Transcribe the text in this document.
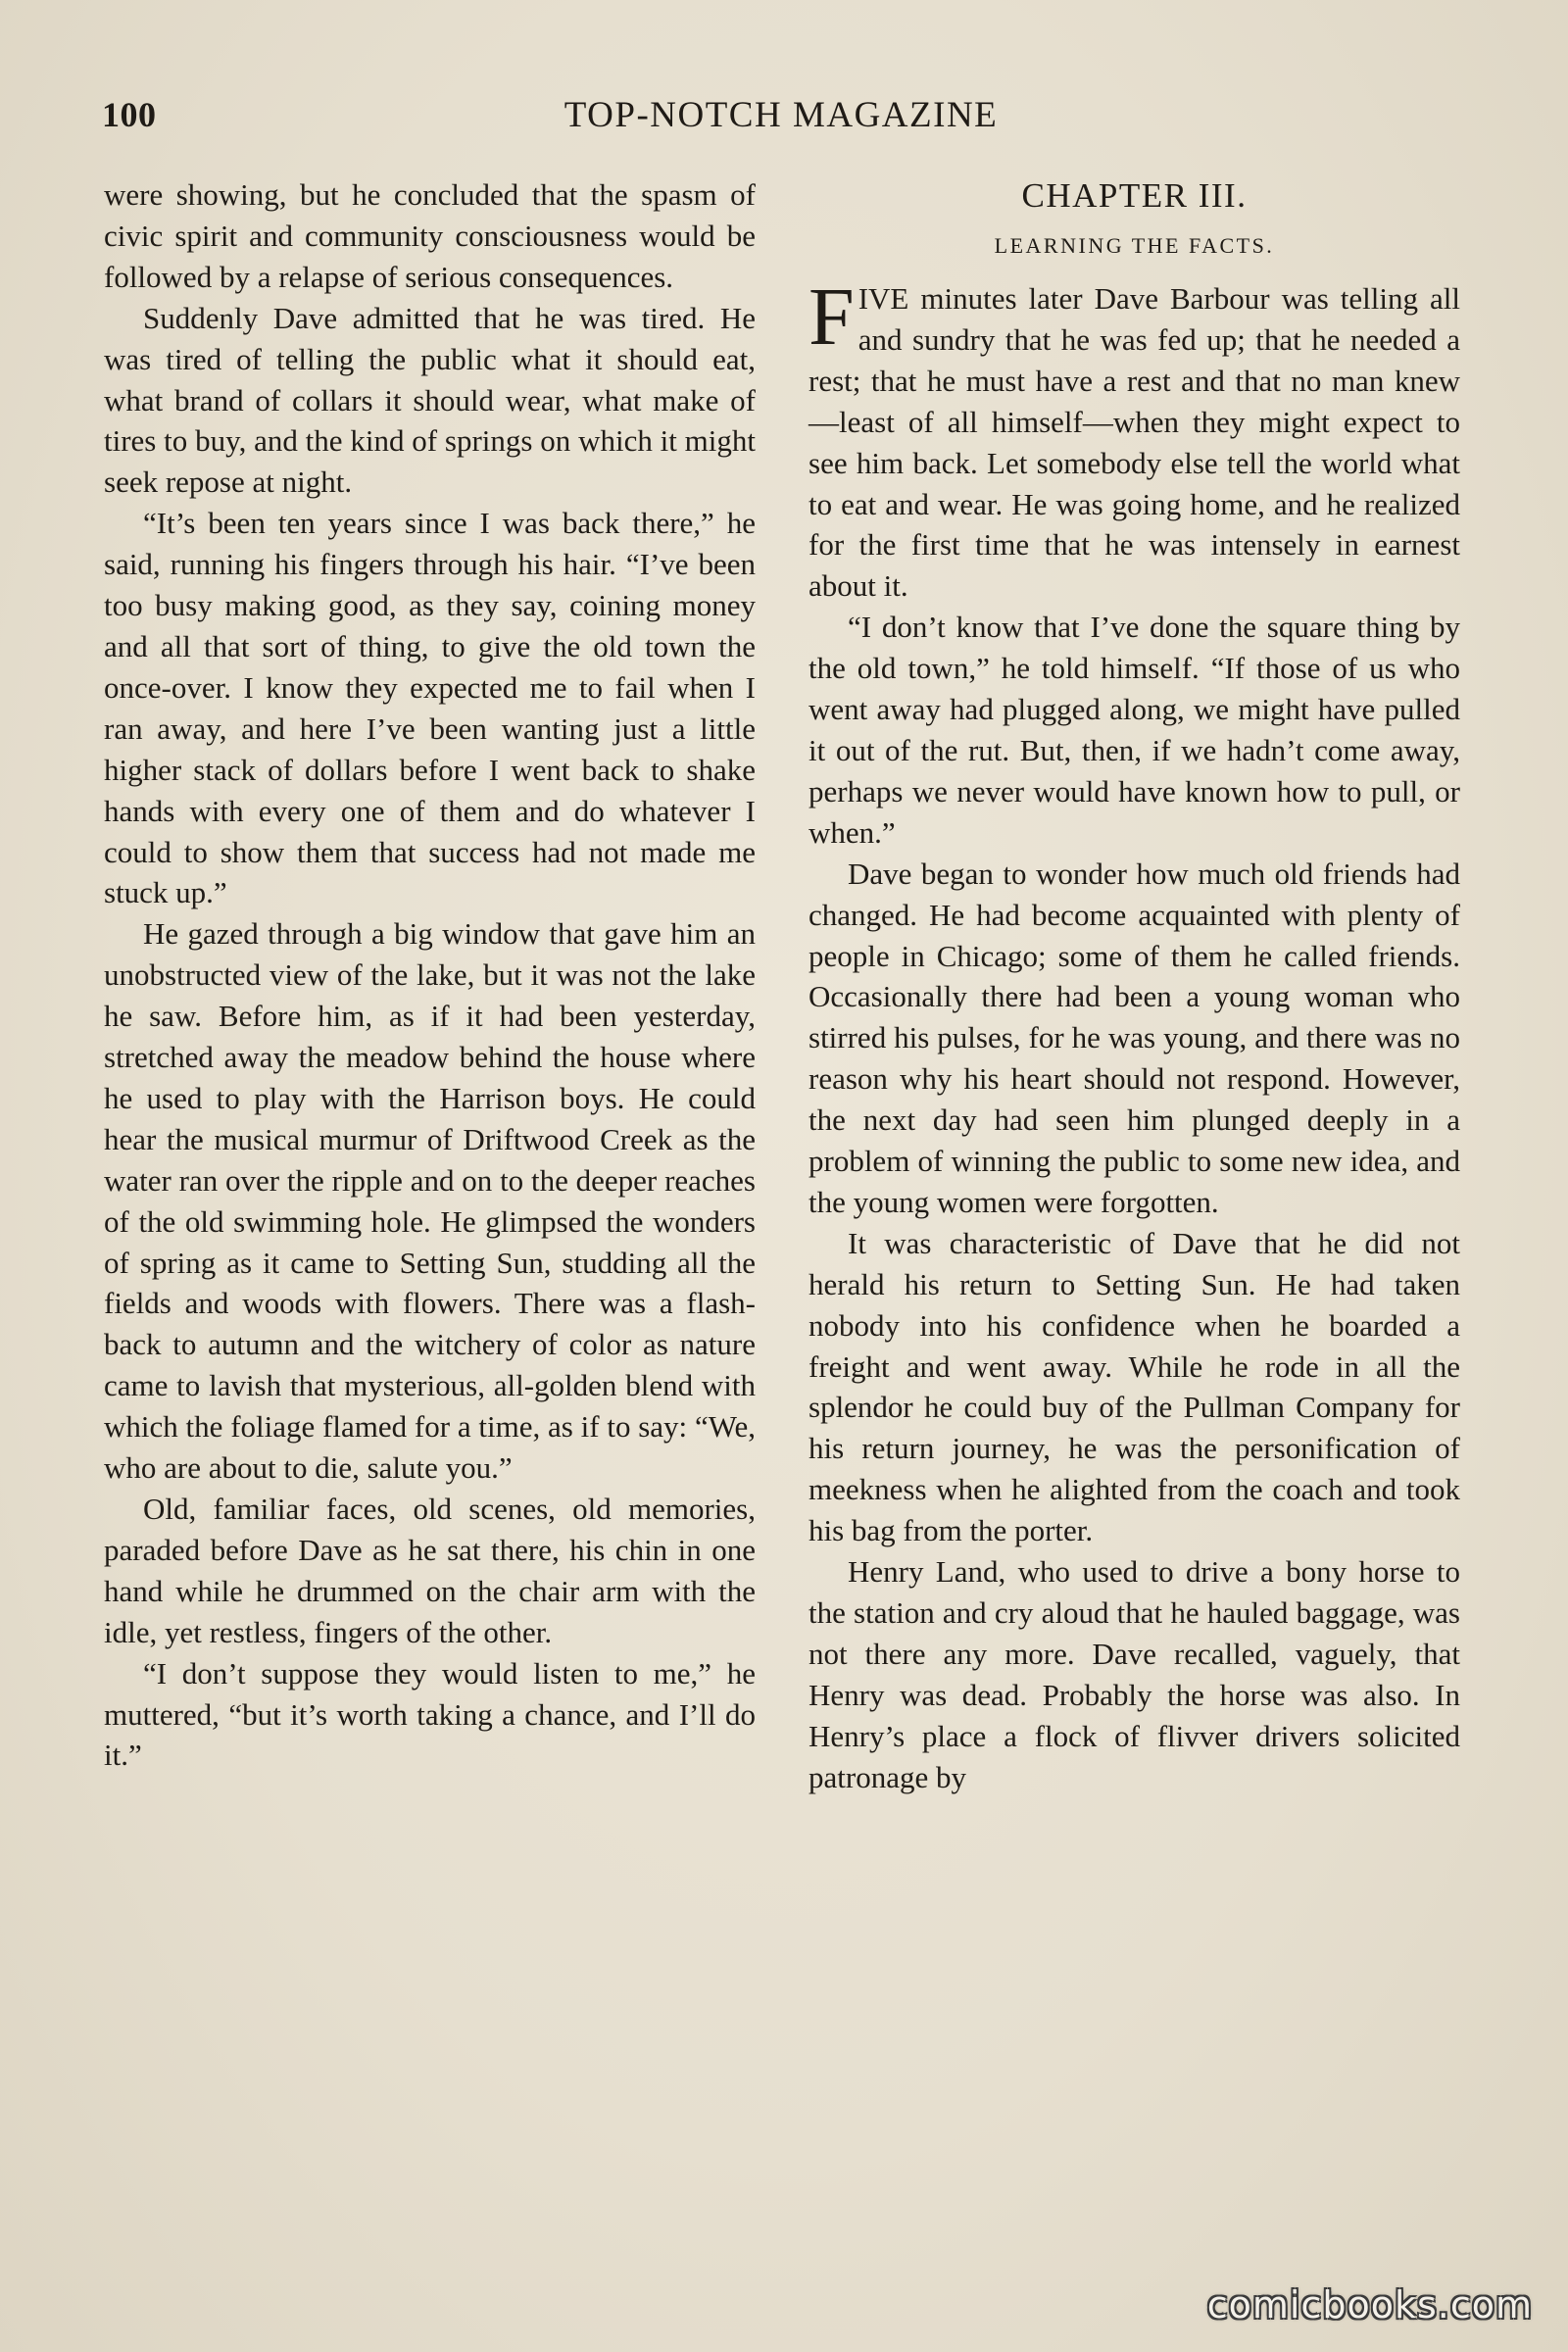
100	TOP-NOTCH MAGAZINE

were showing, but he concluded that the spasm of civic spirit and community consciousness would be followed by a relapse of serious consequences.

Suddenly Dave admitted that he was tired. He was tired of telling the public what it should eat, what brand of collars it should wear, what make of tires to buy, and the kind of springs on which it might seek repose at night.

“It’s been ten years since I was back there,” he said, running his fingers through his hair. “I’ve been too busy making good, as they say, coining money and all that sort of thing, to give the old town the once-over. I know they expected me to fail when I ran away, and here I’ve been wanting just a little higher stack of dollars before I went back to shake hands with every one of them and do whatever I could to show them that success had not made me stuck up.”

He gazed through a big window that gave him an unobstructed view of the lake, but it was not the lake he saw. Before him, as if it had been yesterday, stretched away the meadow behind the house where he used to play with the Harrison boys. He could hear the musical murmur of Driftwood Creek as the water ran over the ripple and on to the deeper reaches of the old swimming hole. He glimpsed the wonders of spring as it came to Setting Sun, studding all the fields and woods with flowers. There was a flash-back to autumn and the witchery of color as nature came to lavish that mysterious, all-golden blend with which the foliage flamed for a time, as if to say: “We, who are about to die, salute you.”

Old, familiar faces, old scenes, old memories, paraded before Dave as he sat there, his chin in one hand while he drummed on the chair arm with the idle, yet restless, fingers of the other.

“I don’t suppose they would listen to me,” he muttered, “but it’s worth taking a chance, and I’ll do it.”

CHAPTER III.
LEARNING THE FACTS.

FIVE minutes later Dave Barbour was telling all and sundry that he was fed up; that he needed a rest; that he must have a rest and that no man knew —least of all himself—when they might expect to see him back. Let somebody else tell the world what to eat and wear. He was going home, and he realized for the first time that he was intensely in earnest about it.

“I don’t know that I’ve done the square thing by the old town,” he told himself. “If those of us who went away had plugged along, we might have pulled it out of the rut. But, then, if we hadn’t come away, perhaps we never would have known how to pull, or when.”

Dave began to wonder how much old friends had changed. He had become acquainted with plenty of people in Chicago; some of them he called friends. Occasionally there had been a young woman who stirred his pulses, for he was young, and there was no reason why his heart should not respond. However, the next day had seen him plunged deeply in a problem of winning the public to some new idea, and the young women were forgotten.

It was characteristic of Dave that he did not herald his return to Setting Sun. He had taken nobody into his confidence when he boarded a freight and went away. While he rode in all the splendor he could buy of the Pullman Company for his return journey, he was the personification of meekness when he alighted from the coach and took his bag from the porter.

Henry Land, who used to drive a bony horse to the station and cry aloud that he hauled baggage, was not there any more. Dave recalled, vaguely, that Henry was dead. Probably the horse was also. In Henry’s place a flock of flivver drivers solicited patronage by

comicbooks.com
